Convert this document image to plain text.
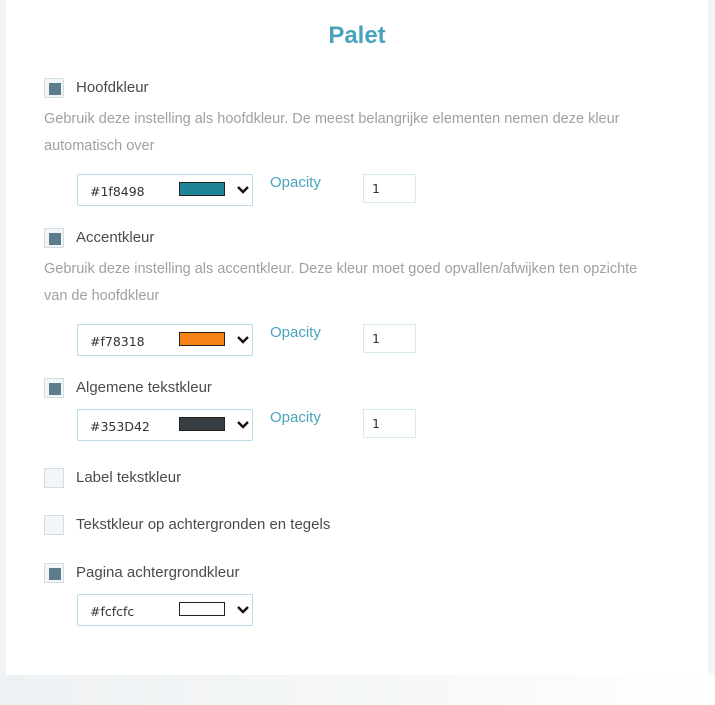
Palet
Hoofdkleur
Gebruik deze instelling als hoofdkleur. De meest belangrijke elementen nemen deze kleur automatisch over
#1f8498
Opacity	1
Accentkleur
Gebruik deze instelling als accentkleur. Deze kleur moet goed opvallen/afwijken ten opzichte van de hoofdkleur
#f78318
Opacity	1
Algemene tekstkleur
#353D42
Opacity	1
Label tekstkleur
Tekstkleur op achtergronden en tegels
Pagina achtergrondkleur
#fcfcfc
